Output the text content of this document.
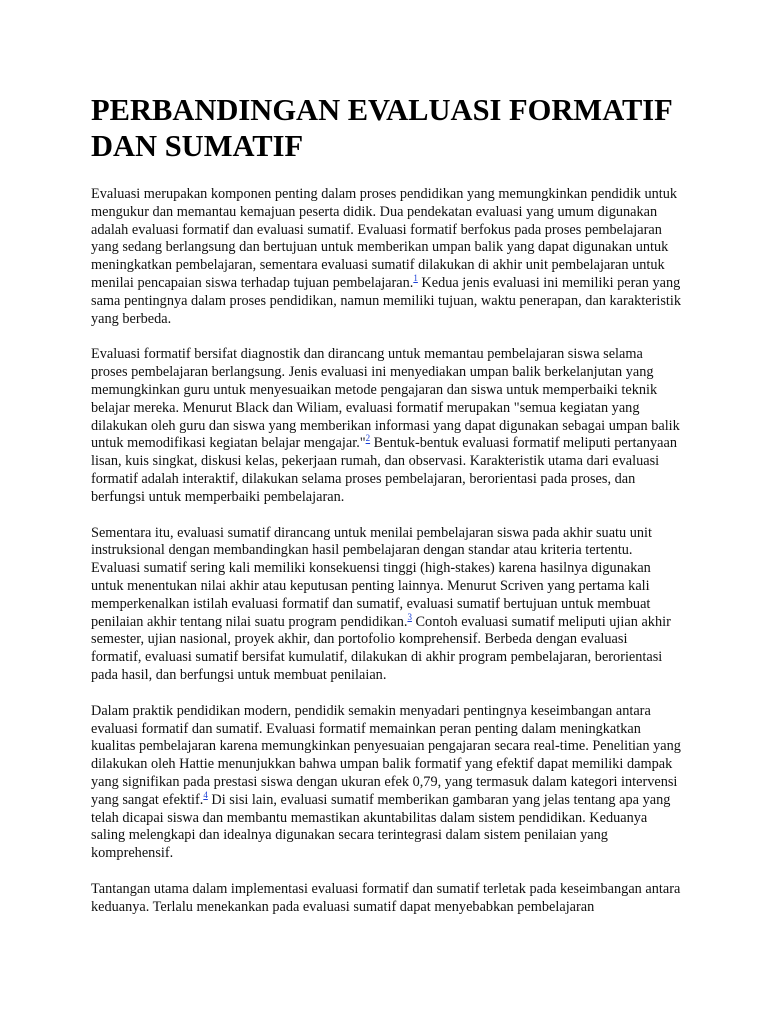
PERBANDINGAN EVALUASI FORMATIF DAN SUMATIF

Evaluasi merupakan komponen penting dalam proses pendidikan yang memungkinkan pendidik untuk mengukur dan memantau kemajuan peserta didik. Dua pendekatan evaluasi yang umum digunakan adalah evaluasi formatif dan evaluasi sumatif. Evaluasi formatif berfokus pada proses pembelajaran yang sedang berlangsung dan bertujuan untuk memberikan umpan balik yang dapat digunakan untuk meningkatkan pembelajaran, sementara evaluasi sumatif dilakukan di akhir unit pembelajaran untuk menilai pencapaian siswa terhadap tujuan pembelajaran.$^1$ Kedua jenis evaluasi ini memiliki peran yang sama pentingnya dalam proses pendidikan, namun memiliki tujuan, waktu penerapan, dan karakteristik yang berbeda.

Evaluasi formatif bersifat diagnostik dan dirancang untuk memantau pembelajaran siswa selama proses pembelajaran berlangsung. Jenis evaluasi ini menyediakan umpan balik berkelanjutan yang memungkinkan guru untuk menyesuaikan metode pengajaran dan siswa untuk memperbaiki teknik belajar mereka. Menurut Black dan Wiliam, evaluasi formatif merupakan "semua kegiatan yang dilakukan oleh guru dan siswa yang memberikan informasi yang dapat digunakan sebagai umpan balik untuk memodifikasi kegiatan belajar mengajar."$^2$ Bentuk-bentuk evaluasi formatif meliputi pertanyaan lisan, kuis singkat, diskusi kelas, pekerjaan rumah, dan observasi. Karakteristik utama dari evaluasi formatif adalah interaktif, dilakukan selama proses pembelajaran, berorientasi pada proses, dan berfungsi untuk memperbaiki pembelajaran.

Sementara itu, evaluasi sumatif dirancang untuk menilai pembelajaran siswa pada akhir suatu unit instruksional dengan membandingkan hasil pembelajaran dengan standar atau kriteria tertentu. Evaluasi sumatif sering kali memiliki konsekuensi tinggi (high-stakes) karena hasilnya digunakan untuk menentukan nilai akhir atau keputusan penting lainnya. Menurut Scriven yang pertama kali memperkenalkan istilah evaluasi formatif dan sumatif, evaluasi sumatif bertujuan untuk membuat penilaian akhir tentang nilai suatu program pendidikan.$^3$ Contoh evaluasi sumatif meliputi ujian akhir semester, ujian nasional, proyek akhir, dan portofolio komprehensif. Berbeda dengan evaluasi formatif, evaluasi sumatif bersifat kumulatif, dilakukan di akhir program pembelajaran, berorientasi pada hasil, dan berfungsi untuk membuat penilaian.

Dalam praktik pendidikan modern, pendidik semakin menyadari pentingnya keseimbangan antara evaluasi formatif dan sumatif. Evaluasi formatif memainkan peran penting dalam meningkatkan kualitas pembelajaran karena memungkinkan penyesuaian pengajaran secara real-time. Penelitian yang dilakukan oleh Hattie menunjukkan bahwa umpan balik formatif yang efektif dapat memiliki dampak yang signifikan pada prestasi siswa dengan ukuran efek 0,79, yang termasuk dalam kategori intervensi yang sangat efektif.$^4$ Di sisi lain, evaluasi sumatif memberikan gambaran yang jelas tentang apa yang telah dicapai siswa dan membantu memastikan akuntabilitas dalam sistem pendidikan. Keduanya saling melengkapi dan idealnya digunakan secara terintegrasi dalam sistem penilaian yang komprehensif.

Tantangan utama dalam implementasi evaluasi formatif dan sumatif terletak pada keseimbangan antara keduanya. Terlalu menekankan pada evaluasi sumatif dapat menyebabkan pembelajaran
